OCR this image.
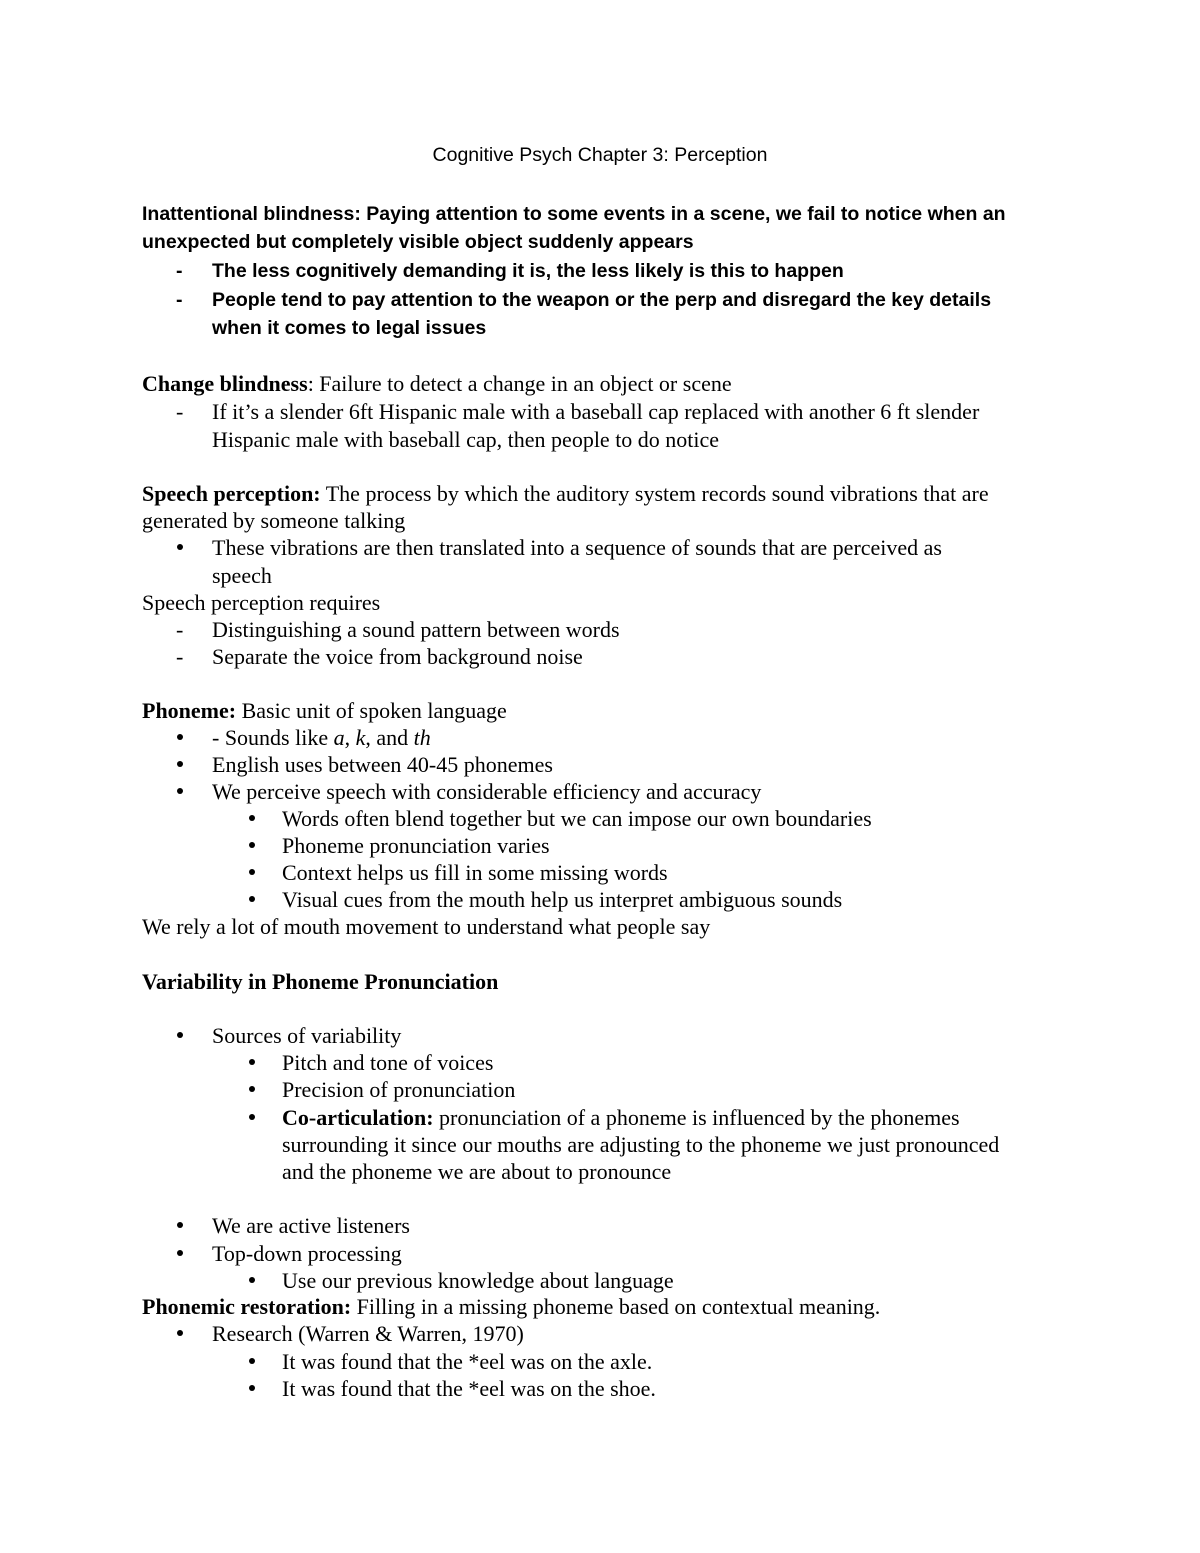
Cognitive Psych Chapter 3: Perception
Inattentional blindness: Paying attention to some events in a scene, we fail to notice when an
unexpected but completely visible object suddenly appears
- The less cognitively demanding it is, the less likely is this to happen
- People tend to pay attention to the weapon or the perp and disregard the key details
when it comes to legal issues
Change blindness: Failure to detect a change in an object or scene
- If it’s a slender 6ft Hispanic male with a baseball cap replaced with another 6 ft slender
Hispanic male with baseball cap, then people to do notice
Speech perception: The process by which the auditory system records sound vibrations that are
generated by someone talking
These vibrations are then translated into a sequence of sounds that are perceived as
speech
Speech perception requires
- Distinguishing a sound pattern between words
- Separate the voice from background noise
Phoneme: Basic unit of spoken language
- Sounds like a, k, and th
English uses between 40-45 phonemes
We perceive speech with considerable efficiency and accuracy
Words often blend together but we can impose our own boundaries
Phoneme pronunciation varies
Context helps us fill in some missing words
Visual cues from the mouth help us interpret ambiguous sounds
We rely a lot of mouth movement to understand what people say
Variability in Phoneme Pronunciation
Sources of variability
Pitch and tone of voices
Precision of pronunciation
Co-articulation: pronunciation of a phoneme is influenced by the phonemes
surrounding it since our mouths are adjusting to the phoneme we just pronounced
and the phoneme we are about to pronounce
We are active listeners
Top-down processing
Use our previous knowledge about language
Phonemic restoration: Filling in a missing phoneme based on contextual meaning.
Research (Warren & Warren, 1970)
It was found that the *eel was on the axle.
It was found that the *eel was on the shoe.
